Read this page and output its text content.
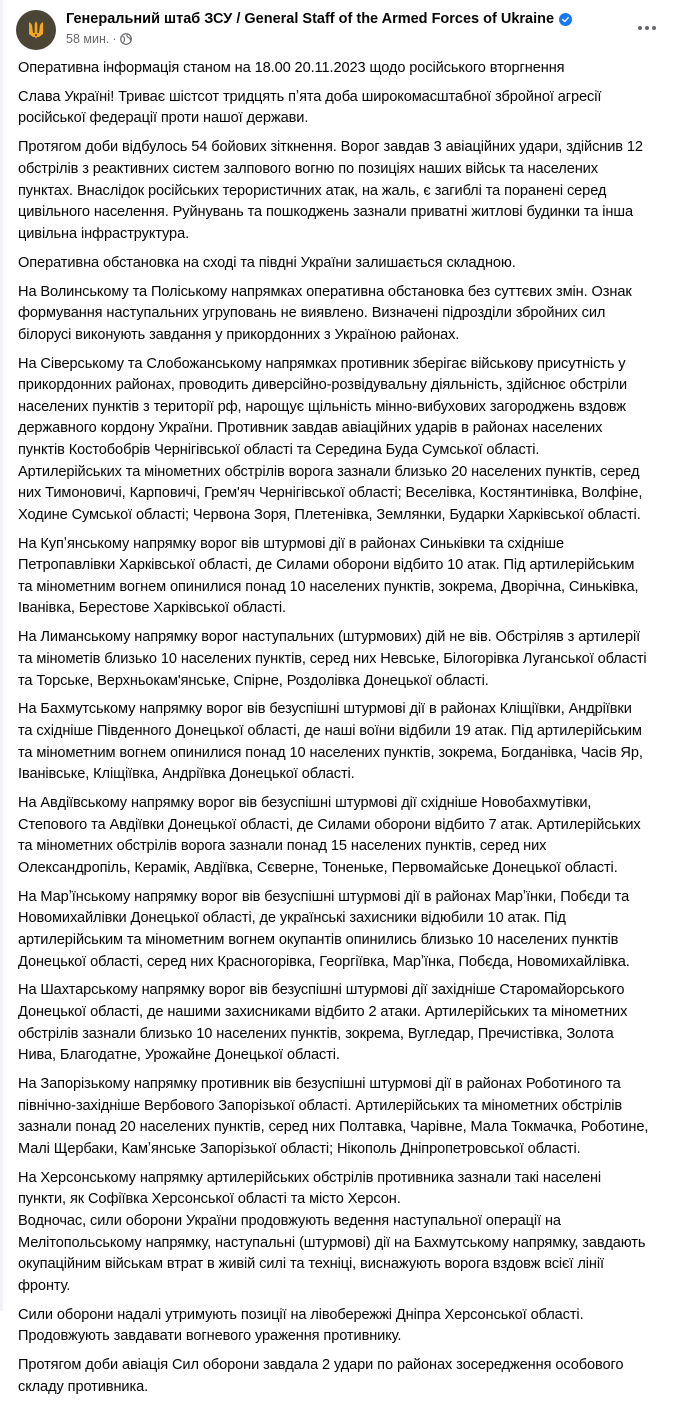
Генеральний штаб ЗСУ / General Staff of the Armed Forces of Ukraine
58 мин. ·

Оперативна інформація станом на 18.00 20.11.2023 щодо російського вторгнення

Слава Україні! Триває шістсот тридцять пʼята доба широкомасштабної збройної агресії
російської федерації проти нашої держави.

Протягом доби відбулось 54 бойових зіткнення. Ворог завдав 3 авіаційних удари, здійснив 12
обстрілів з реактивних систем залпового вогню по позиціях наших військ та населених
пунктах. Внаслідок російських терористичних атак, на жаль, є загиблі та поранені серед
цивільного населення. Руйнувань та пошкоджень зазнали приватні житлові будинки та інша
цивільна інфраструктура.

Оперативна обстановка на сході та півдні України залишається складною.

На Волинському та Поліському напрямках оперативна обстановка без суттєвих змін. Ознак
формування наступальних угруповань не виявлено. Визначені підрозділи збройних сил
білорусі виконують завдання у прикордонних з Україною районах.

На Сіверському та Слобожанському напрямках противник зберігає військову присутність у
прикордонних районах, проводить диверсійно-розвідувальну діяльність, здійснює обстріли
населених пунктів з території рф, нарощує щільність мінно-вибухових загороджень вздовж
державного кордону України. Противник завдав авіаційних ударів в районах населених
пунктів Костобобрів Чернігівської області та Середина Буда Сумської області.
Артилерійських та мінометних обстрілів ворога зазнали близько 20 населених пунктів, серед
них Тимоновичі, Карповичі, Грем'яч Чернігівської області; Веселівка, Костянтинівка, Волфіне,
Ходине Сумської області; Червона Зоря, Плетенівка, Землянки, Бударки Харківської області.

На Купʼянському напрямку ворог вів штурмові дії в районах Синьківки та східніше
Петропавлівки Харківської області, де Силами оборони відбито 10 атак. Під артилерійським
та мінометним вогнем опинилися понад 10 населених пунктів, зокрема, Дворічна, Синьківка,
Іванівка, Берестове Харківської області.

На Лиманському напрямку ворог наступальних (штурмових) дій не вів. Обстріляв з артилерії
та мінометів близько 10 населених пунктів, серед них Невське, Білогорівка Луганської області
та Торське, Верхньокам'янське, Спірне, Роздолівка Донецької області.

На Бахмутському напрямку ворог вів безуспішні штурмові дії в районах Кліщіївки, Андріївки
та східніше Південного Донецької області, де наші воїни відбили 19 атак. Під артилерійським
та мінометним вогнем опинилися понад 10 населених пунктів, зокрема, Богданівка, Часів Яр,
Іванівське, Кліщіївка, Андріївка Донецької області.

На Авдіївському напрямку ворог вів безуспішні штурмові дії східніше Новобахмутівки,
Степового та Авдіївки Донецької області, де Силами оборони відбито 7 атак. Артилерійських
та мінометних обстрілів ворога зазнали понад 15 населених пунктів, серед них
Олександропіль, Керамік, Авдіївка, Сєверне, Тоненьке, Первомайське Донецької області.

На Марʼїнському напрямку ворог вів безуспішні штурмові дії в районах Марʼїнки, Побєди та
Новомихайлівки Донецької області, де українські захисники відюбили 10 атак. Під
артилерійським та мінометним вогнем окупантів опинились близько 10 населених пунктів
Донецької області, серед них Красногорівка, Георгіївка, Марʼїнка, Побєда, Новомихайлівка.

На Шахтарському напрямку ворог вів безуспішні штурмові дії західніше Старомайорського
Донецької області, де нашими захисниками відбито 2 атаки. Артилерійських та мінометних
обстрілів зазнали близько 10 населених пунктів, зокрема, Вугледар, Пречистівка, Золота
Нива, Благодатне, Урожайне Донецької області.

На Запорізькому напрямку противник вів безуспішні штурмові дії в районах Роботиного та
північно-західніше Вербового Запорізької області. Артилерійських та мінометних обстрілів
зазнали понад 20 населених пунктів, серед них Полтавка, Чарівне, Мала Токмачка, Роботине,
Малі Щербаки, Камʼянське Запорізької області; Нікополь Дніпропетровської області.

На Херсонському напрямку артилерійських обстрілів противника зазнали такі населені
пункти, як Софіївка Херсонської області та місто Херсон.
Водночас, сили оборони України продовжують ведення наступальної операції на
Мелітопольському напрямку, наступальні (штурмові) дії на Бахмутському напрямку, завдають
окупаційним військам втрат в живій силі та техніці, виснажують ворога вздовж всієї лінії
фронту.

Сили оборони надалі утримують позиції на лівобережжі Дніпра Херсонської області.
Продовжують завдавати вогневого ураження противнику.

Протягом доби авіація Сил оборони завдала 2 удари по районах зосередження особового
складу противника.
